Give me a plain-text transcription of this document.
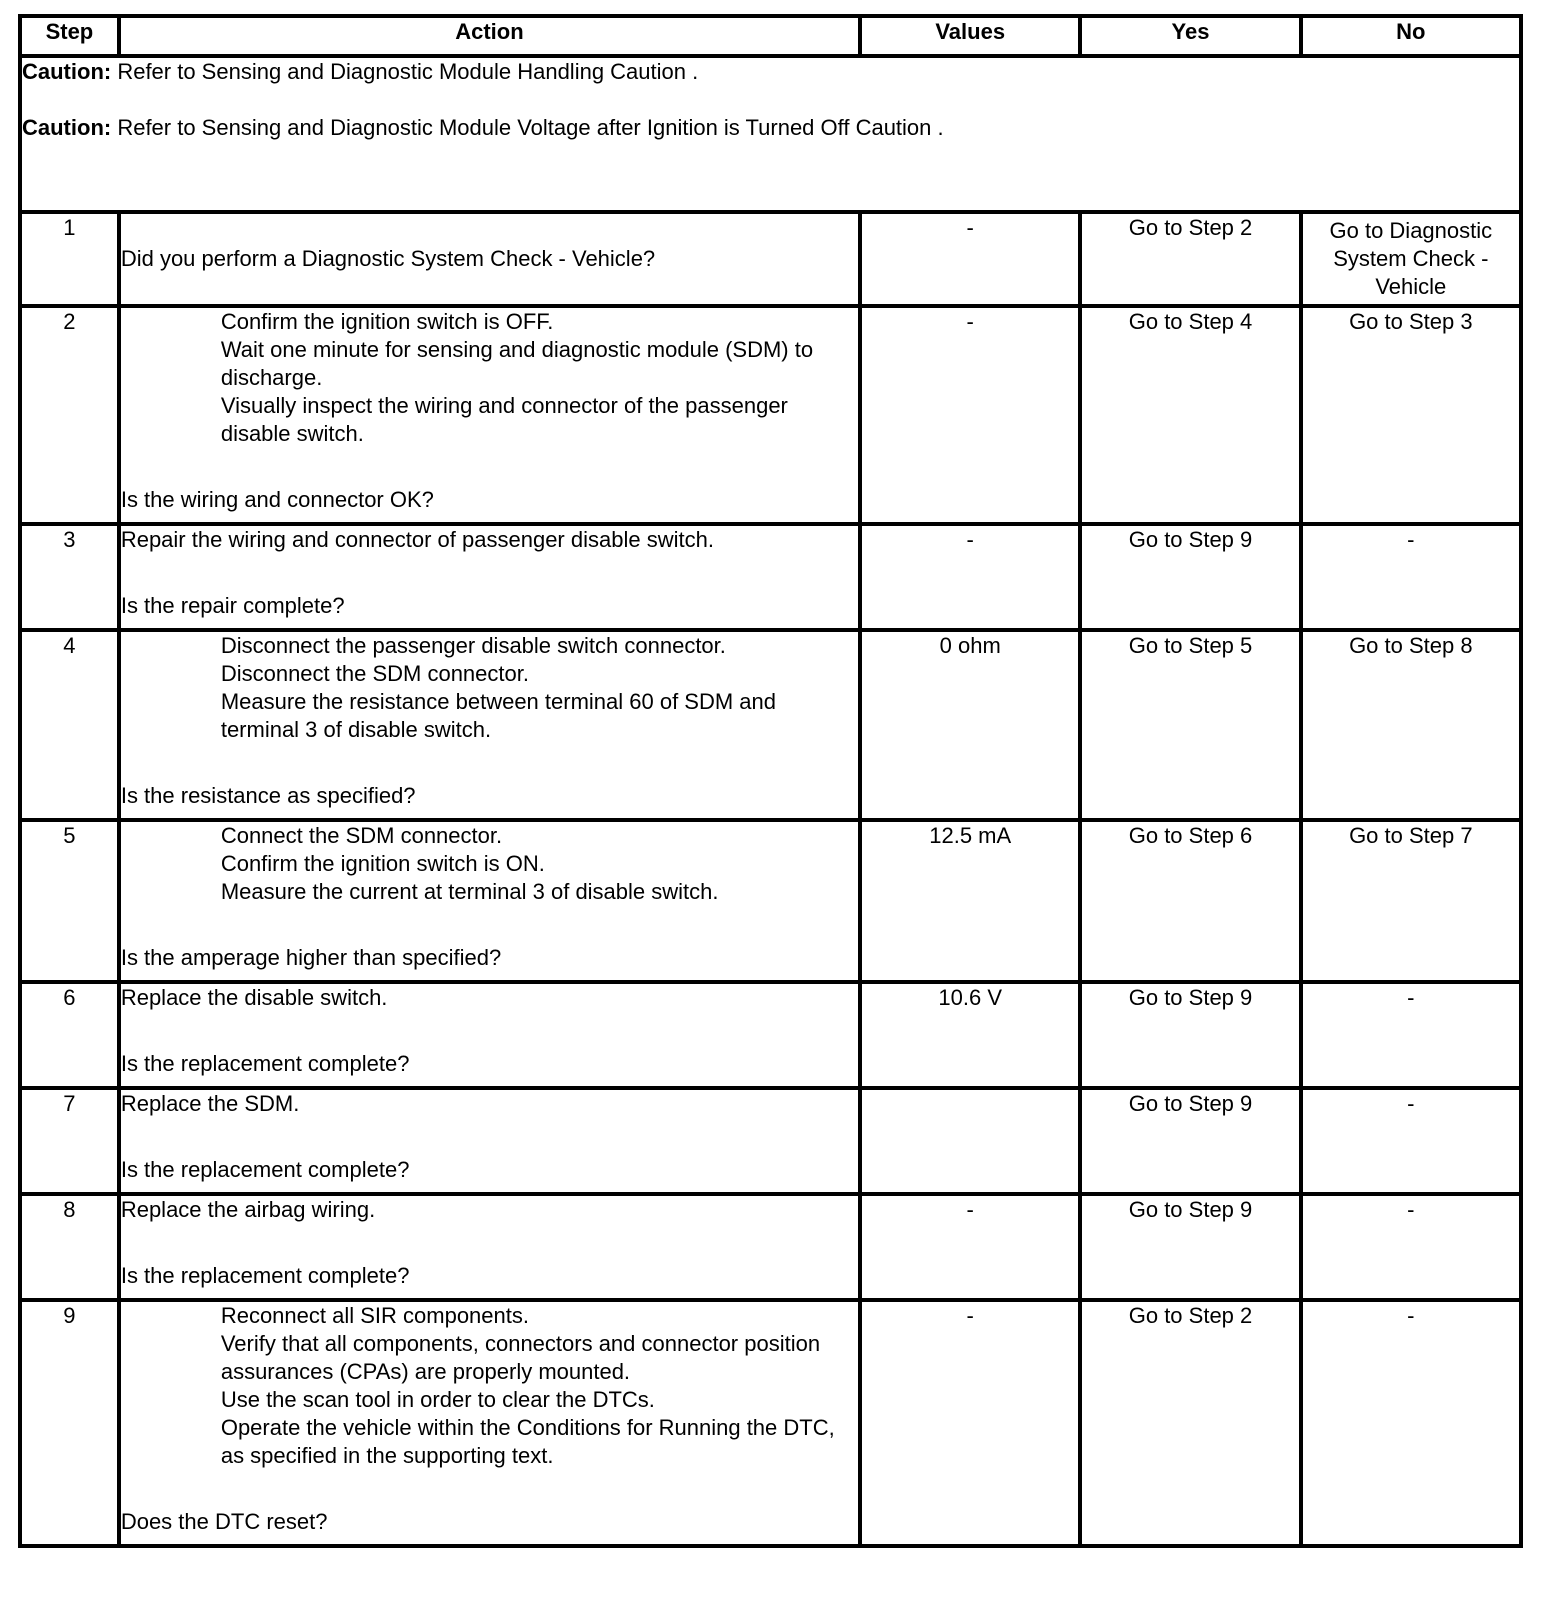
Step	Action	Values	Yes	No

Caution: Refer to Sensing and Diagnostic Module Handling Caution .
Caution: Refer to Sensing and Diagnostic Module Voltage after Ignition is Turned Off Caution .				

1	Did you perform a Diagnostic System Check - Vehicle?	-	Go to Step 2	Go to Diagnostic System Check - Vehicle
2	Confirm the ignition switch is OFF.
Wait one minute for sensing and diagnostic module (SDM) to discharge.
Visually inspect the wiring and connector of the passenger disable switch.
Is the wiring and connector OK?	-	Go to Step 4	Go to Step 3
3	Repair the wiring and connector of passenger disable switch.
Is the repair complete?	-	Go to Step 9	-
4	Disconnect the passenger disable switch connector.
Disconnect the SDM connector.
Measure the resistance between terminal 60 of SDM and terminal 3 of disable switch.
Is the resistance as specified?	0 ohm	Go to Step 5	Go to Step 8
5	Connect the SDM connector.
Confirm the ignition switch is ON.
Measure the current at terminal 3 of disable switch.
Is the amperage higher than specified?	12.5 mA	Go to Step 6	Go to Step 7
6	Replace the disable switch.
Is the replacement complete?	10.6 V	Go to Step 9	-
7	Replace the SDM.
Is the replacement complete?		Go to Step 9	-
8	Replace the airbag wiring.
Is the replacement complete?	-	Go to Step 9	-
9	Reconnect all SIR components.
Verify that all components, connectors and connector position assurances (CPAs) are properly mounted.
Use the scan tool in order to clear the DTCs.
Operate the vehicle within the Conditions for Running the DTC, as specified in the supporting text.
Does the DTC reset?	-	Go to Step 2	-
